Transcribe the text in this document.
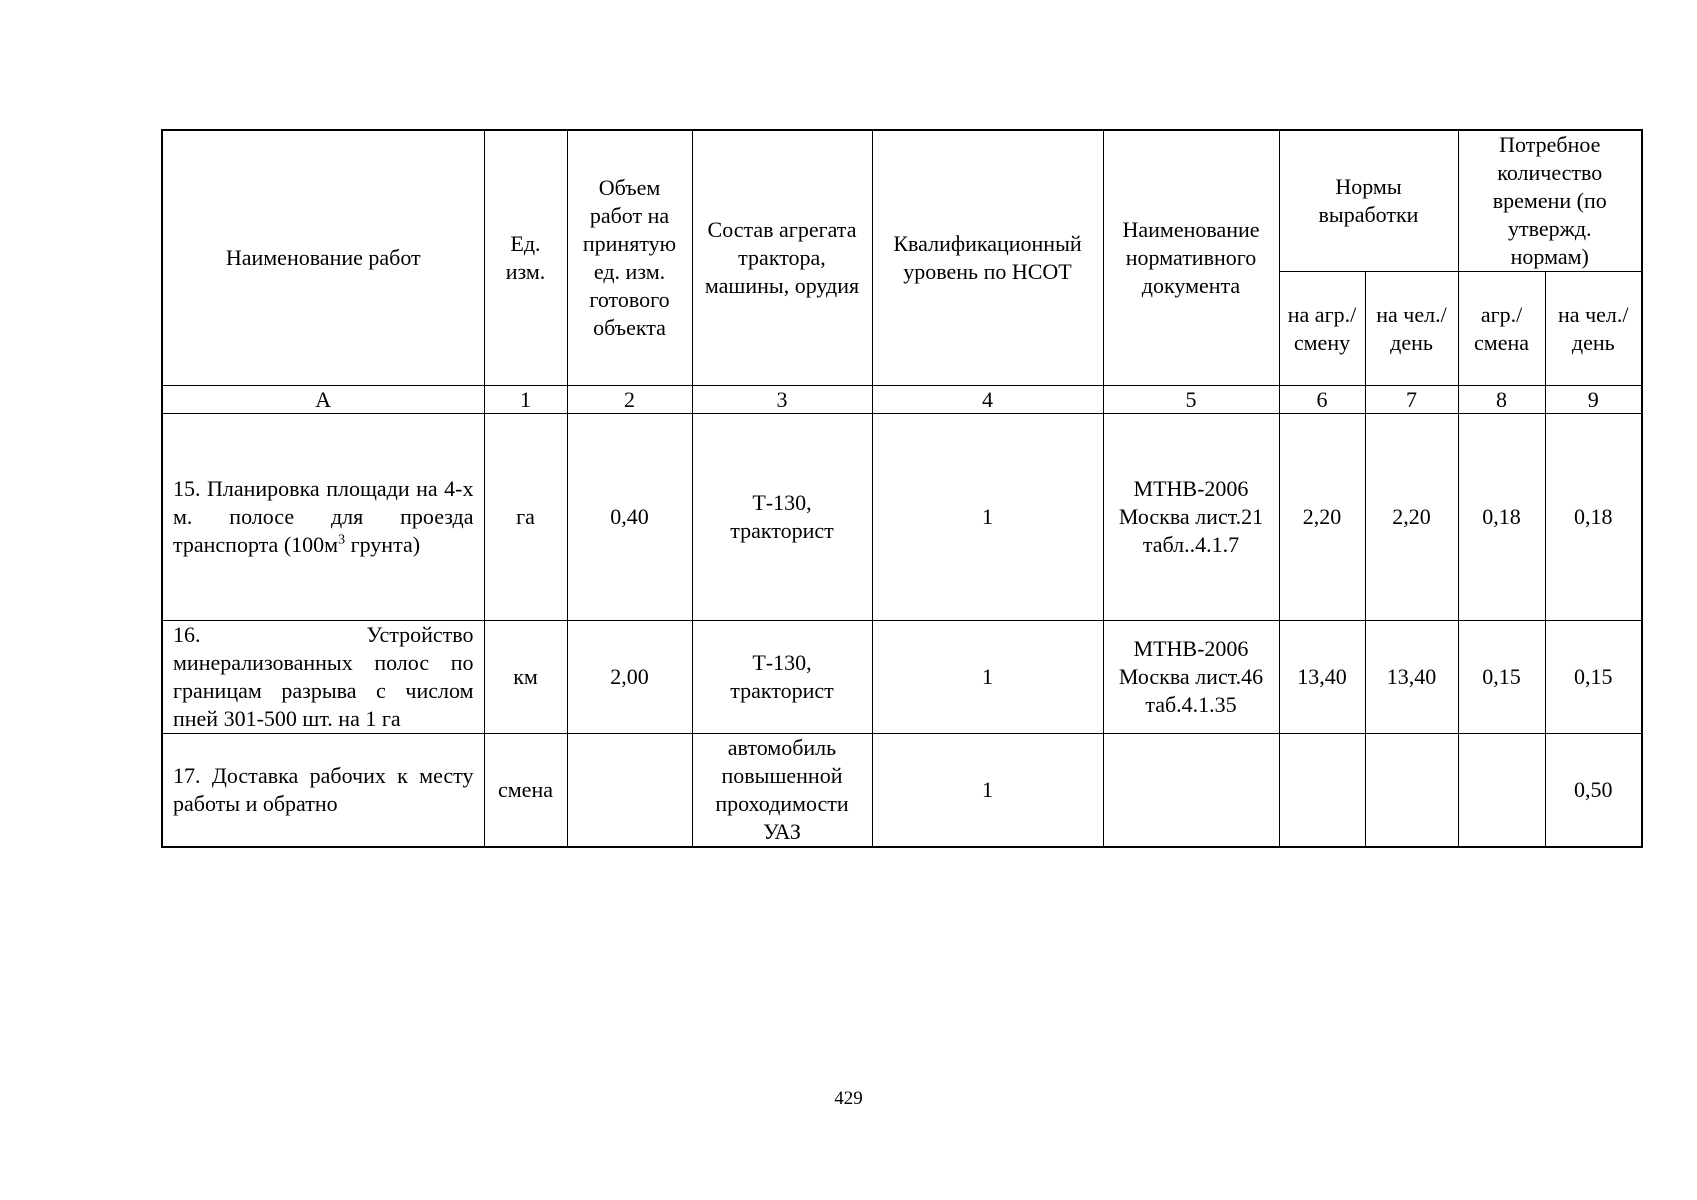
Наименование работ	Ед. изм.	Объем работ на принятую ед. изм. готового объекта	Состав агрегата трактора, машины, орудия	Квалификационный уровень по НСОТ	Наименование нормативного документа	Нормы выработки		Потребное количество времени (по утвержд. нормам)	
						на агр./ смену	на чел./ день	агр./ смена	на чел./ день
А	1	2	3	4	5	6	7	8	9
15. Планировка площади на 4-х м. полосе для проезда транспорта ($100м^3$ грунта)	га	0,40	Т-130, тракторист	1	МТНВ-2006 Москва лист.21 табл..4.1.7	2,20	2,20	0,18	0,18
16. Устройство минерализованных полос по границам разрыва с числом пней 301-500 шт. на 1 га	км	2,00	Т-130, тракторист	1	МТНВ-2006 Москва лист.46 таб.4.1.35	13,40	13,40	0,15	0,15
17. Доставка рабочих к месту работы и обратно	смена		автомобиль повышенной проходимости УАЗ	1					0,50
429
